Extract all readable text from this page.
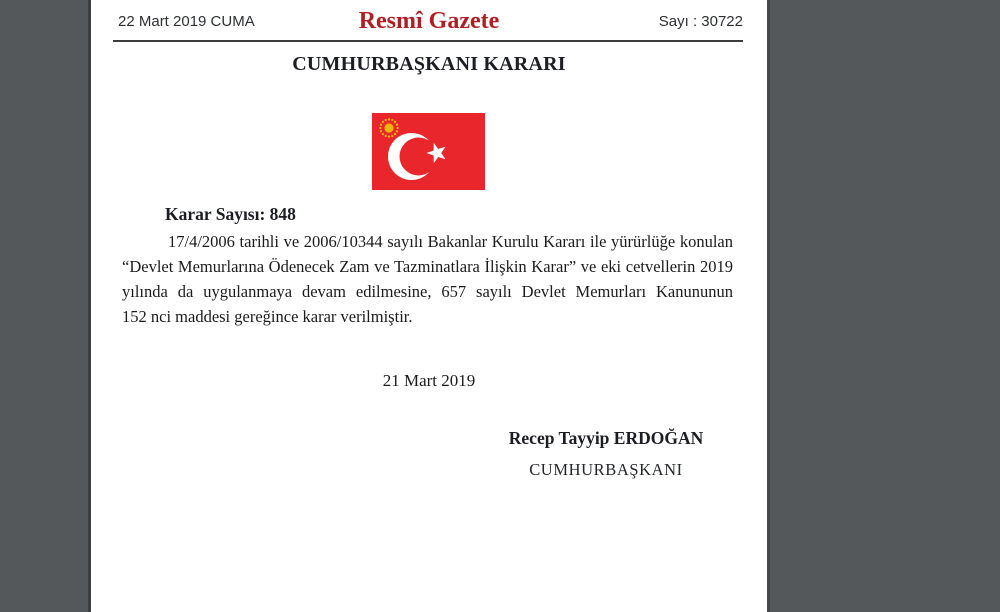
22 Mart 2019 CUMA	Resmî Gazete	Sayı : 30722
CUMHURBAŞKANI KARARI
Karar Sayısı: 848
17/4/2006 tarihli ve 2006/10344 sayılı Bakanlar Kurulu Kararı ile yürürlüğe konulan
“Devlet Memurlarına Ödenecek Zam ve Tazminatlara İlişkin Karar” ve eki cetvellerin 2019
yılında da uygulanmaya devam edilmesine, 657 sayılı Devlet Memurları Kanununun
152 nci maddesi gereğince karar verilmiştir.
21 Mart 2019
Recep Tayyip ERDOĞAN
CUMHURBAŞKANI
